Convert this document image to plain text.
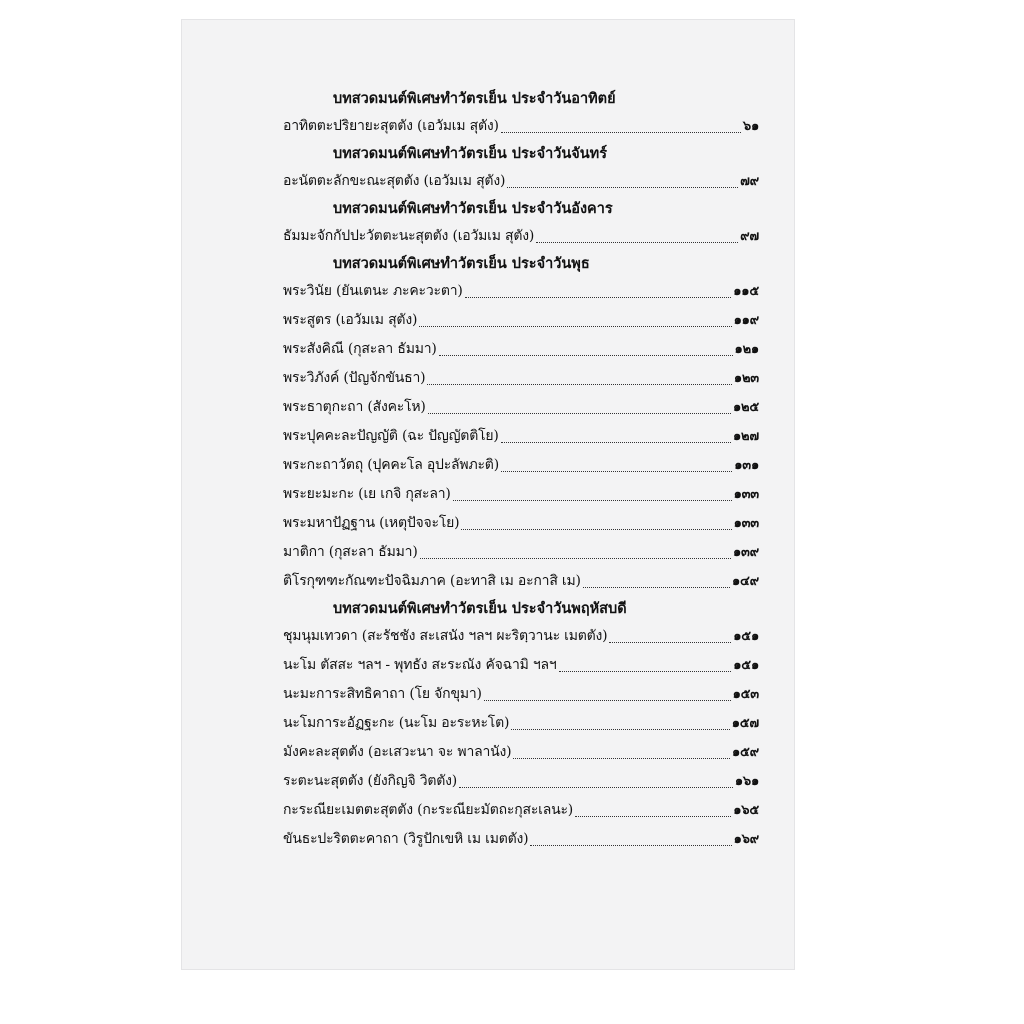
บทสวดมนต์พิเศษทำวัตรเย็น ประจำวันอาทิตย์
อาทิตตะปริยายะสุตตัง (เอวัมเม สุตัง)	๖๑
บทสวดมนต์พิเศษทำวัตรเย็น ประจำวันจันทร์
อะนัตตะลักขะณะสุตตัง (เอวัมเม สุตัง)	๗๙
บทสวดมนต์พิเศษทำวัตรเย็น ประจำวันอังคาร
ธัมมะจักกัปปะวัตตะนะสุตตัง (เอวัมเม สุตัง)	๙๗
บทสวดมนต์พิเศษทำวัตรเย็น ประจำวันพุธ
พระวินัย (ยันเตนะ ภะคะวะตา)	๑๑๕
พระสูตร (เอวัมเม สุตัง)	๑๑๙
พระสังคิณี (กุสะลา ธัมมา)	๑๒๑
พระวิภังค์ (ปัญจักขันธา)	๑๒๓
พระธาตุกะถา (สังคะโห)	๑๒๕
พระปุคคะละปัญญัติ (ฉะ ปัญญัตติโย)	๑๒๗
พระกะถาวัตถุ (ปุคคะโล อุปะลัพภะติ)	๑๓๑
พระยะมะกะ (เย เกจิ กุสะลา)	๑๓๓
พระมหาปัฏฐาน (เหตุปัจจะโย)	๑๓๓
มาติกา (กุสะลา ธัมมา)	๑๓๙
ติโรกุฑฑะกัณฑะปัจฉิมภาค (อะทาสิ เม อะกาสิ เม)	๑๔๙
บทสวดมนต์พิเศษทำวัตรเย็น ประจำวันพฤหัสบดี
ชุมนุมเทวดา (สะรัชชัง สะเสนัง ฯลฯ ผะริตฺวานะ เมตตัง)	๑๕๑
นะโม ตัสสะ ฯลฯ - พุทธัง สะระณัง คัจฉามิ ฯลฯ	๑๕๑
นะมะการะสิทธิคาถา (โย จักขุมา)	๑๕๓
นะโมการะอัฏฐะกะ (นะโม อะระหะโต)	๑๕๗
มังคะละสุตตัง (อะเสวะนา จะ พาลานัง)	๑๕๙
ระตะนะสุตตัง (ยังกิญจิ วิตตัง)	๑๖๑
กะระณียะเมตตะสุตตัง (กะระณียะมัตถะกุสะเลนะ)	๑๖๕
ขันธะปะริตตะคาถา (วิรูปักเขหิ เม เมตตัง)	๑๖๙
